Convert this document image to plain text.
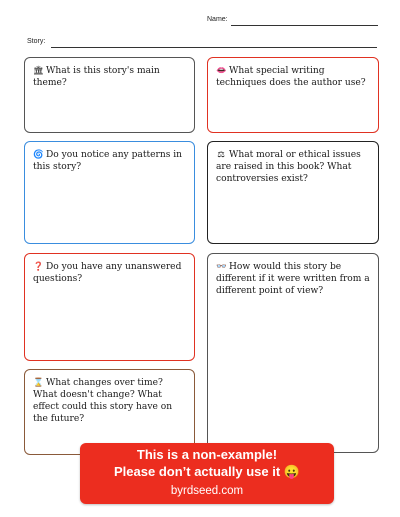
Name:
Story:
🏛 What is this story's main theme?
👄 What special writing techniques does the author use?
🌀 Do you notice any patterns in this story?
⚖ What moral or ethical issues are raised in this book? What controversies exist?
❓ Do you have any unanswered questions?
👓 How would this story be different if it were written from a different point of view?
⌛ What changes over time? What doesn't change? What effect could this story have on the future?
This is a non-example!
Please don’t actually use it 😛
byrdseed.com
